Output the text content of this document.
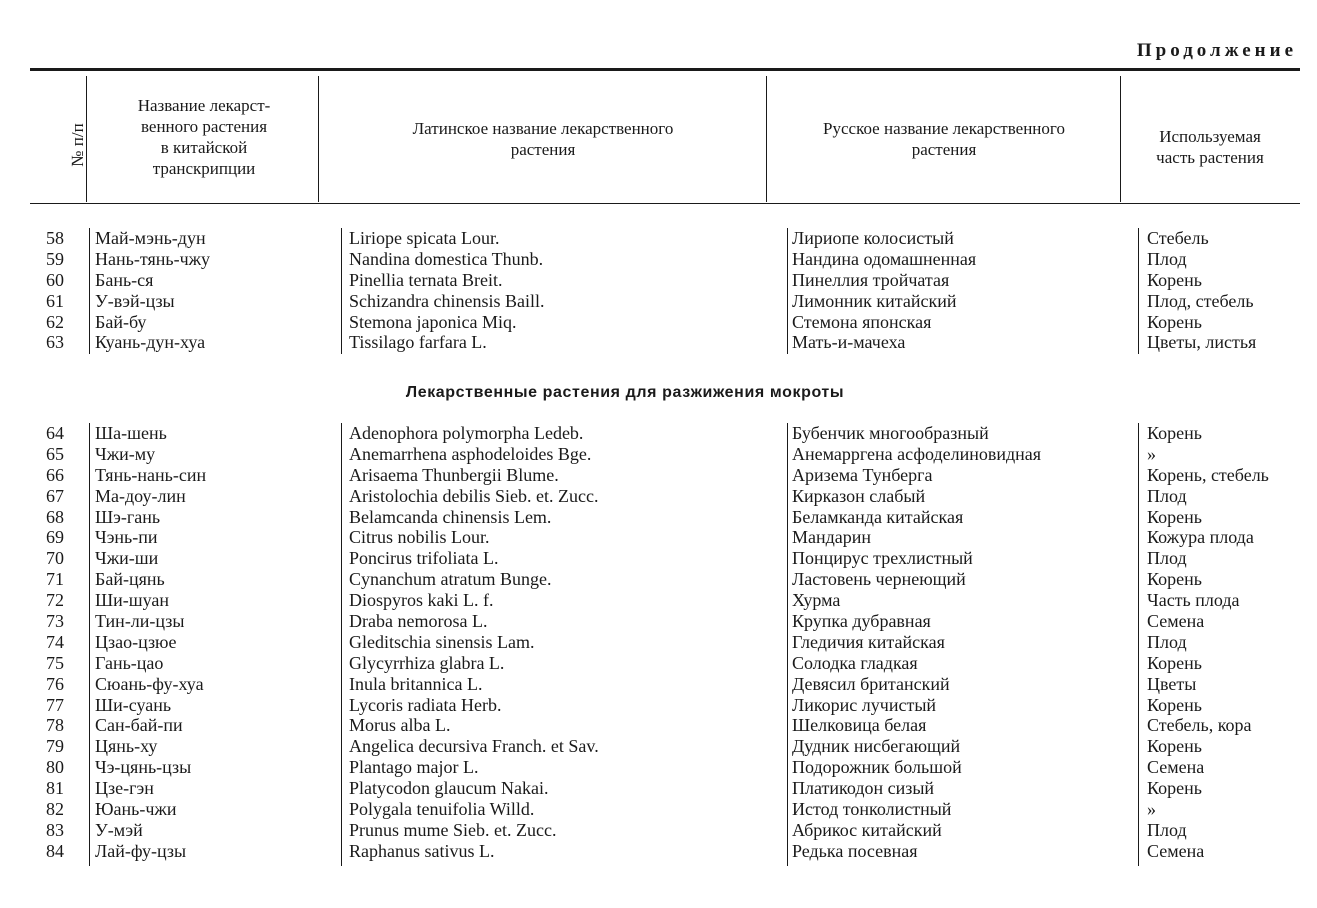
Продолжение
№ п/п
Название лекарст-
венного растения
в китайской
транскрипции
Латинское название лекарственного
растения
Русское название лекарственного
растения
Используемая
часть растения
58 Май-мэнь-дун	Liriope spicata Lour.	Лириопе колосистый	Стебель
59 Нань-тянь-чжу	Nandina domestica Thunb.	Нандина одомашненная	Плод
60 Бань-ся	Pinellia ternata Breit.	Пинеллия тройчатая	Корень
61 У-вэй-цзы	Schizandra chinensis Baill.	Лимонник китайский	Плод, стебель
62 Бай-бу	Stemona japonica Miq.	Стемона японская	Корень
63 Куань-дун-хуа	Tissilago farfara L.	Мать-и-мачеха	Цветы, листья
Лекарственные растения для разжижения мокроты
64 Ша-шень	Adenophora polymorpha Ledeb.	Бубенчик многообразный	Корень
65 Чжи-му	Anemarrhena asphodeloides Bge.	Анемарргена асфоделиновидная	»
66 Тянь-нань-син	Arisaema Thunbergii Blume.	Аризема Тунберга	Корень, стебель
67 Ма-доу-лин	Aristolochia debilis Sieb. et. Zucc.	Кирказон слабый	Плод
68 Шэ-гань	Belamcanda chinensis Lem.	Беламканда китайская	Корень
69 Чэнь-пи	Citrus nobilis Lour.	Мандарин	Кожура плода
70 Чжи-ши	Poncirus trifoliata L.	Понцирус трехлистный	Плод
71 Бай-цянь	Cynanchum atratum Bunge.	Ластовень чернеющий	Корень
72 Ши-шуан	Diospyros kaki L. f.	Хурма	Часть плода
73 Тин-ли-цзы	Draba nemorosa L.	Крупка дубравная	Семена
74 Цзао-цзюе	Gleditschia sinensis Lam.	Гледичия китайская	Плод
75 Гань-цао	Glycyrrhiza glabra L.	Солодка гладкая	Корень
76 Сюань-фу-хуа	Inula britannica L.	Девясил британский	Цветы
77 Ши-суань	Lycoris radiata Herb.	Ликорис лучистый	Корень
78 Сан-бай-пи	Morus alba L.	Шелковица белая	Стебель, кора
79 Цянь-ху	Angelica decursiva Franch. et Sav.	Дудник нисбегающий	Корень
80 Чэ-цянь-цзы	Plantago major L.	Подорожник большой	Семена
81 Цзе-гэн	Platycodon glaucum Nakai.	Платикодон сизый	Корень
82 Юань-чжи	Polygala tenuifolia Willd.	Истод тонколистный	»
83 У-мэй	Prunus mume Sieb. et. Zucc.	Абрикос китайский	Плод
84 Лай-фу-цзы	Raphanus sativus L.	Редька посевная	Семена
